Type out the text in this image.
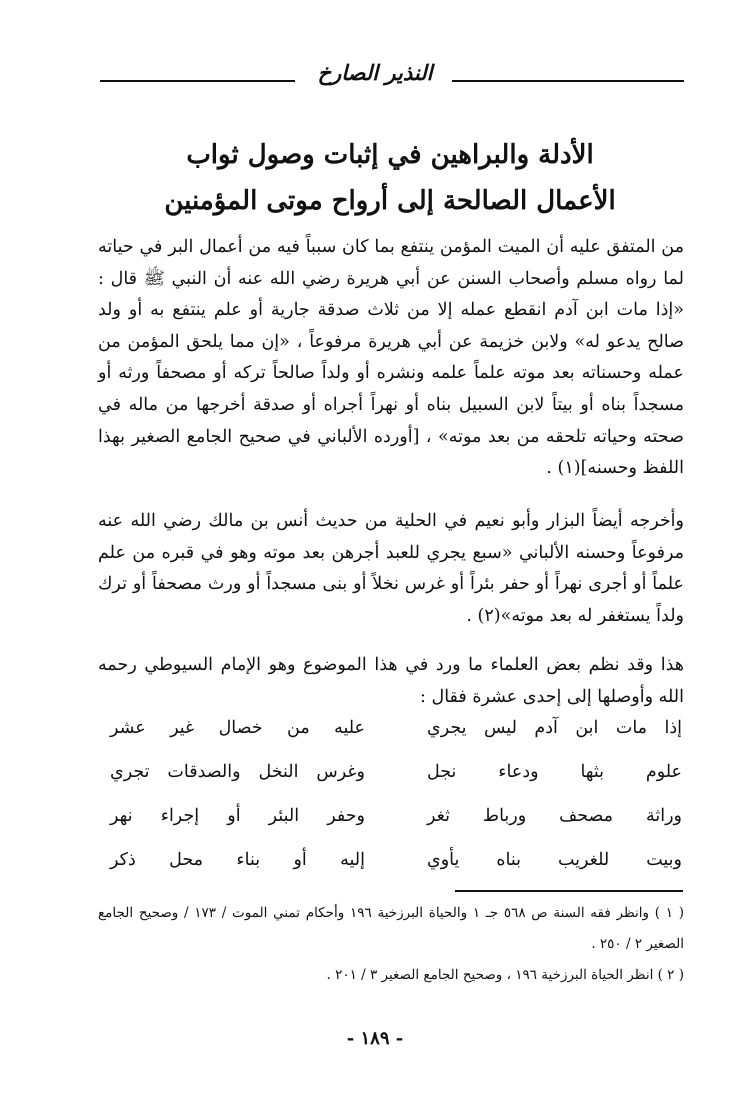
النذير الصارخ
الأدلة والبراهين في إثبات وصول ثواب
الأعمال الصالحة إلى أرواح موتى المؤمنين

من المتفق عليه أن الميت المؤمن ينتفع بما كان سبباً فيه من أعمال البر في حياته لما رواه مسلم وأصحاب السنن عن أبي هريرة رضي الله عنه أن النبي ﷺ قال : «إذا مات ابن آدم انقطع عمله إلا من ثلاث صدقة جارية أو علم ينتفع به أو ولد صالح يدعو له» ولابن خزيمة عن أبي هريرة مرفوعاً ، «إن مما يلحق المؤمن من عمله وحسناته بعد موته علماً علمه ونشره أو ولداً صالحاً تركه أو مصحفاً ورثه أو مسجداً بناه أو بيتاً لابن السبيل بناه أو نهراً أجراه أو صدقة أخرجها من ماله في صحته وحياته تلحقه من بعد موته» ، [أورده الألباني في صحيح الجامع الصغير بهذا اللفظ وحسنه](١) .

وأخرجه أيضاً البزار وأبو نعيم في الحلية من حديث أنس بن مالك رضي الله عنه مرفوعاً وحسنه الألباني «سبع يجري للعبد أجرهن بعد موته وهو في قبره من علم علماً أو أجرى نهراً أو حفر بئراً أو غرس نخلاً أو بنى مسجداً أو ورث مصحفاً أو ترك ولداً يستغفر له بعد موته»(٢) .

هذا وقد نظم بعض العلماء ما ورد في هذا الموضوع وهو الإمام السيوطي رحمه الله وأوصلها إلى إحدى عشرة فقال :

إذا مات ابن آدم ليس يجري
عليه من خصال غير عشر
علوم بثها ودعاء نجل
وغرس النخل والصدقات تجري
وراثة مصحف ورباط ثغر
وحفر البئر أو إجراء نهر
وبيت للغريب بناه يأوي
إليه أو بناء محل ذكر

( ١ ) وانظر فقه السنة ص ٥٦٨ جـ ١ والحياة البرزخية ١٩٦ وأحكام تمني الموت / ١٧٣ / وصحيح الجامع الصغير ٢ / ٢٥٠ .

( ٢ ) انظر الحياة البرزخية ١٩٦ ، وصحيح الجامع الصغير ٣ / ٢٠١ .

- ١٨٩ -
